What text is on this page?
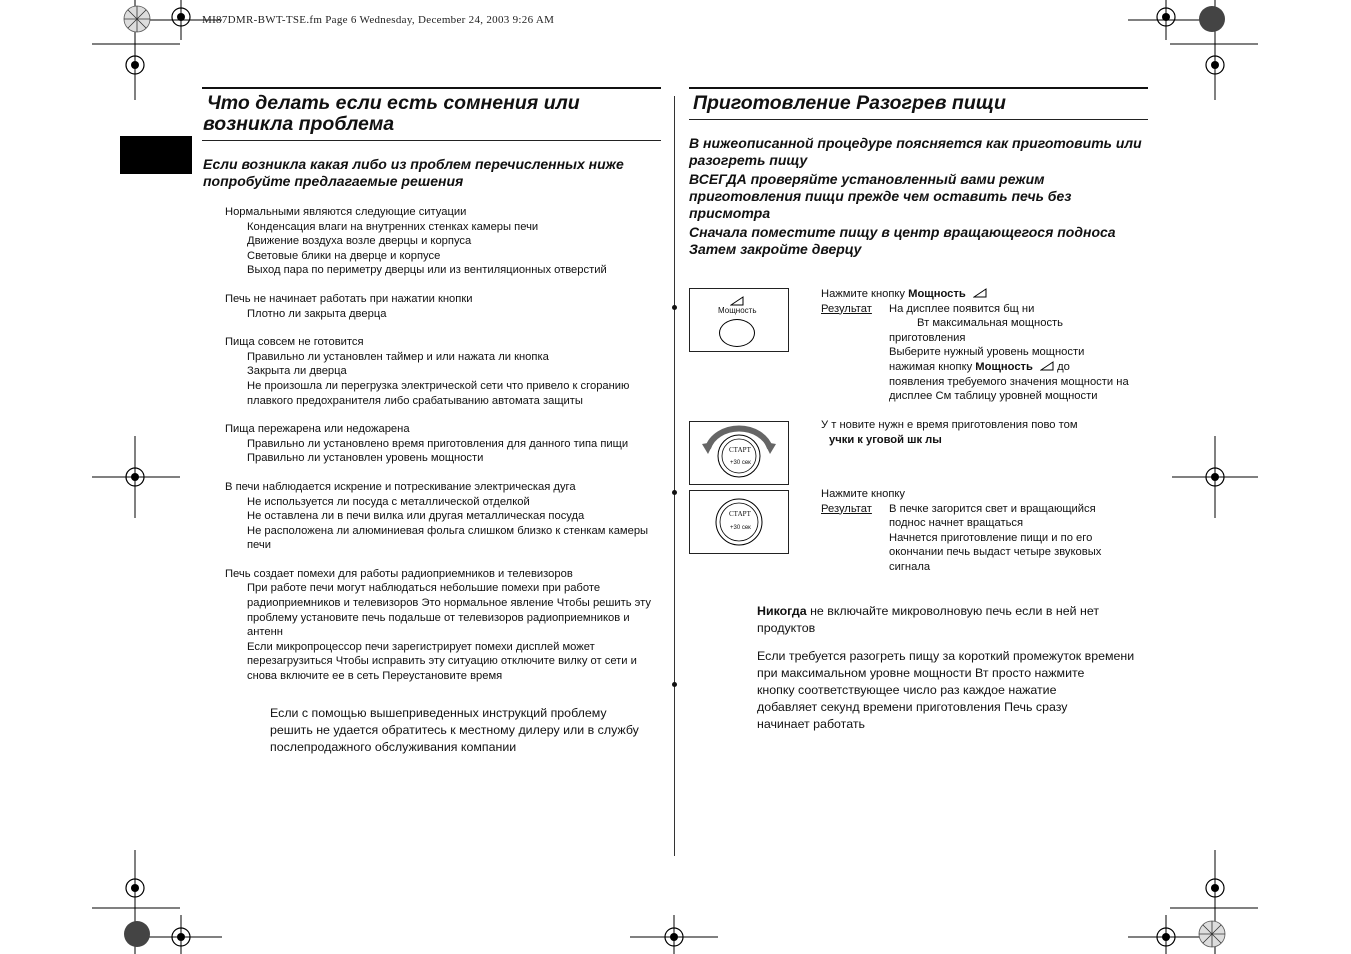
MI87DMR-BWT-TSE.fm Page 6 Wednesday, December 24, 2003 9:26 AM
Что делать если есть сомнения или
возникла проблема
Если возникла какая либо из проблем перечисленных ниже попробуйте предлагаемые решения
Нормальными являются следующие ситуации
Конденсация влаги на внутренних стенках камеры печи
Движение воздуха возле дверцы и корпуса
Световые блики на дверце и корпусе
Выход пара по периметру дверцы или из вентиляционных отверстий
Печь не начинает работать при нажатии кнопки
Плотно ли закрыта дверца
Пища совсем не готовится
Правильно ли установлен таймер и или нажата ли кнопка
Закрыта ли дверца
Не произошла ли перегрузка электрической сети что привело к сгоранию плавкого предохранителя либо срабатыванию автомата защиты
Пища пережарена или недожарена
Правильно ли установлено время приготовления для данного типа пищи
Правильно ли установлен уровень мощности
В печи наблюдается искрение и потрескивание электрическая дуга
Не используется ли посуда с металлической отделкой
Не оставлена ли в печи вилка или другая металлическая посуда
Не расположена ли алюминиевая фольга слишком близко к стенкам камеры печи
Печь создает помехи для работы радиоприемников и телевизоров
При работе печи могут наблюдаться небольшие помехи при работе радиоприемников и телевизоров Это нормальное явление Чтобы решить эту проблему установите печь подальше от телевизоров радиоприемников и антенн
Если микропроцессор печи зарегистрирует помехи дисплей может перезагрузиться Чтобы исправить эту ситуацию отключите вилку от сети и снова включите ее в сеть Переустановите время
Если с помощью вышеприведенных инструкций проблему решить не удается обратитесь к местному дилеру или в службу послепродажного обслуживания компании
Приготовление Разогрев пищи
В нижеописанной процедуре поясняется как приготовить или разогреть пищу
ВСЕГДА проверяйте установленный вами режим приготовления пищи прежде чем оставить печь без присмотра
Сначала поместите пищу в центр вращающегося подноса Затем закройте дверцу
Мощность
Нажмите кнопку Мощность
Результат На дисплее появится бщ ни
Вт максимальная мощность
приготовления
Выберите нужный уровень мощности
нажимая кнопку Мощность  до
появления требуемого значения мощности на
дисплее См таблицу уровней мощности
СТАРТ
+30 сек
У т новите нужн е время приготовления пово том
учки к уговой шк лы
СТАРТ
+30 сек
Нажмите кнопку
Результат В печке загорится свет и вращающийся
поднос начнет вращаться
Начнется приготовление пищи и по его
окончании печь выдаст четыре звуковых
сигнала
Никогда не включайте микроволновую печь если в ней нет
продуктов
Если требуется разогреть пищу за короткий промежуток времени
при максимальном уровне мощности Вт просто нажмите
кнопку соответствующее число раз каждое нажатие
добавляет секунд времени приготовления Печь сразу
начинает работать
